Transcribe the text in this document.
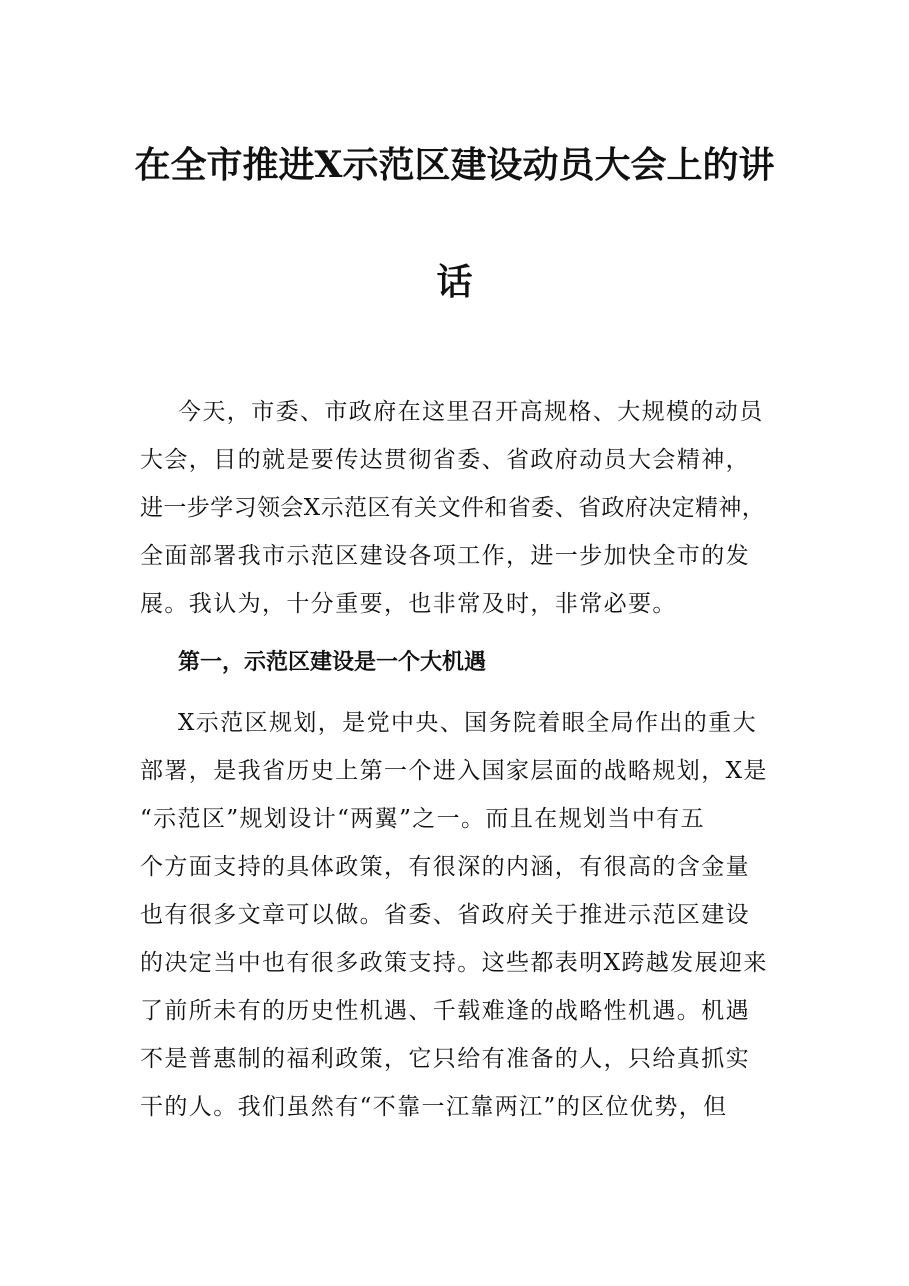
在全市推进X示范区建设动员大会上的讲
话
今天，市委、市政府在这里召开高规格、大规模的动员
大会，目的就是要传达贯彻省委、省政府动员大会精神，
进一步学习领会X示范区有关文件和省委、省政府决定精神，
全面部署我市示范区建设各项工作，进一步加快全市的发
展。我认为，十分重要，也非常及时，非常必要。
第一，示范区建设是一个大机遇
X示范区规划，是党中央、国务院着眼全局作出的重大
部署，是我省历史上第一个进入国家层面的战略规划，X是
“示范区”规划设计“两翼”之一。而且在规划当中有五
个方面支持的具体政策，有很深的内涵，有很高的含金量
也有很多文章可以做。省委、省政府关于推进示范区建设
的决定当中也有很多政策支持。这些都表明X跨越发展迎来
了前所未有的历史性机遇、千载难逢的战略性机遇。机遇
不是普惠制的福利政策，它只给有准备的人，只给真抓实
干的人。我们虽然有“不靠一江靠两江”的区位优势，但
